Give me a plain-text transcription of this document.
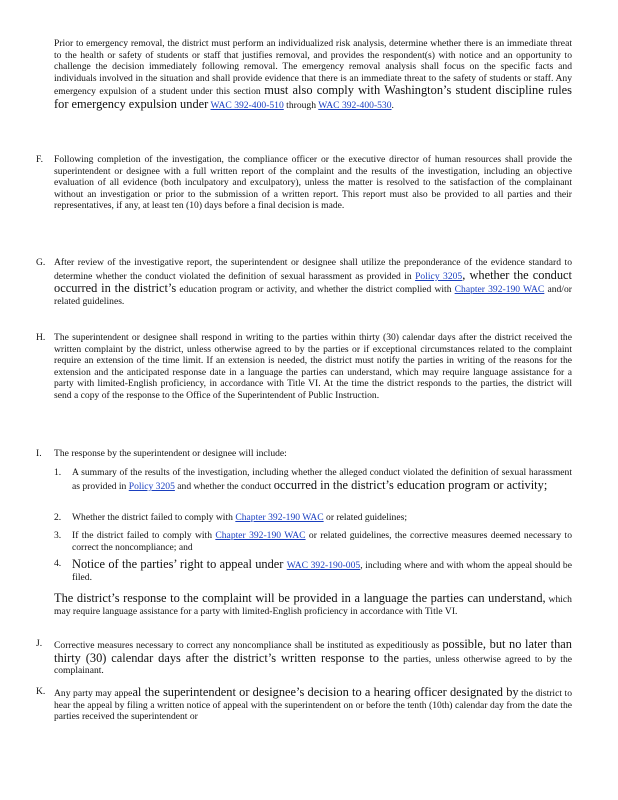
Prior to emergency removal, the district must perform an individualized risk analysis, determine whether there is an immediate threat to the health or safety of students or staff that justifies removal, and provides the respondent(s) with notice and an opportunity to challenge the decision immediately following removal. The emergency removal analysis shall focus on the specific facts and individuals involved in the situation and shall provide evidence that there is an immediate threat to the safety of students or staff. Any emergency expulsion of a student under this section must also comply with Washington’s student discipline rules for emergency expulsion under WAC 392-400-510 through WAC 392-400-530.

F. Following completion of the investigation, the compliance officer or the executive director of human resources shall provide the superintendent or designee with a full written report of the complaint and the results of the investigation, including an objective evaluation of all evidence (both inculpatory and exculpatory), unless the matter is resolved to the satisfaction of the complainant without an investigation or prior to the submission of a written report. This report must also be provided to all parties and their representatives, if any, at least ten (10) days before a final decision is made.

G. After review of the investigative report, the superintendent or designee shall utilize the preponderance of the evidence standard to determine whether the conduct violated the definition of sexual harassment as provided in Policy 3205, whether the conduct occurred in the district’s education program or activity, and whether the district complied with Chapter 392-190 WAC and/or related guidelines.

H. The superintendent or designee shall respond in writing to the parties within thirty (30) calendar days after the district received the written complaint by the district, unless otherwise agreed to by the parties or if exceptional circumstances related to the complaint require an extension of the time limit. If an extension is needed, the district must notify the parties in writing of the reasons for the extension and the anticipated response date in a language the parties can understand, which may require language assistance for a party with limited-English proficiency, in accordance with Title VI. At the time the district responds to the parties, the district will send a copy of the response to the Office of the Superintendent of Public Instruction.

I. The response by the superintendent or designee will include:

1. A summary of the results of the investigation, including whether the alleged conduct violated the definition of sexual harassment as provided in Policy 3205 and whether the conduct occurred in the district’s education program or activity;

2. Whether the district failed to comply with Chapter 392-190 WAC or related guidelines;

3. If the district failed to comply with Chapter 392-190 WAC or related guidelines, the corrective measures deemed necessary to correct the noncompliance; and

4. Notice of the parties’ right to appeal under WAC 392-190-005, including where and with whom the appeal should be filed.

The district’s response to the complaint will be provided in a language the parties can understand, which may require language assistance for a party with limited-English proficiency in accordance with Title VI.

J. Corrective measures necessary to correct any noncompliance shall be instituted as expeditiously as possible, but no later than thirty (30) calendar days after the district’s written response to the parties, unless otherwise agreed to by the complainant.

K. Any party may appeal the superintendent or designee’s decision to a hearing officer designated by the district to hear the appeal by filing a written notice of appeal with the superintendent on or before the tenth (10th) calendar day from the date the parties received the superintendent or
